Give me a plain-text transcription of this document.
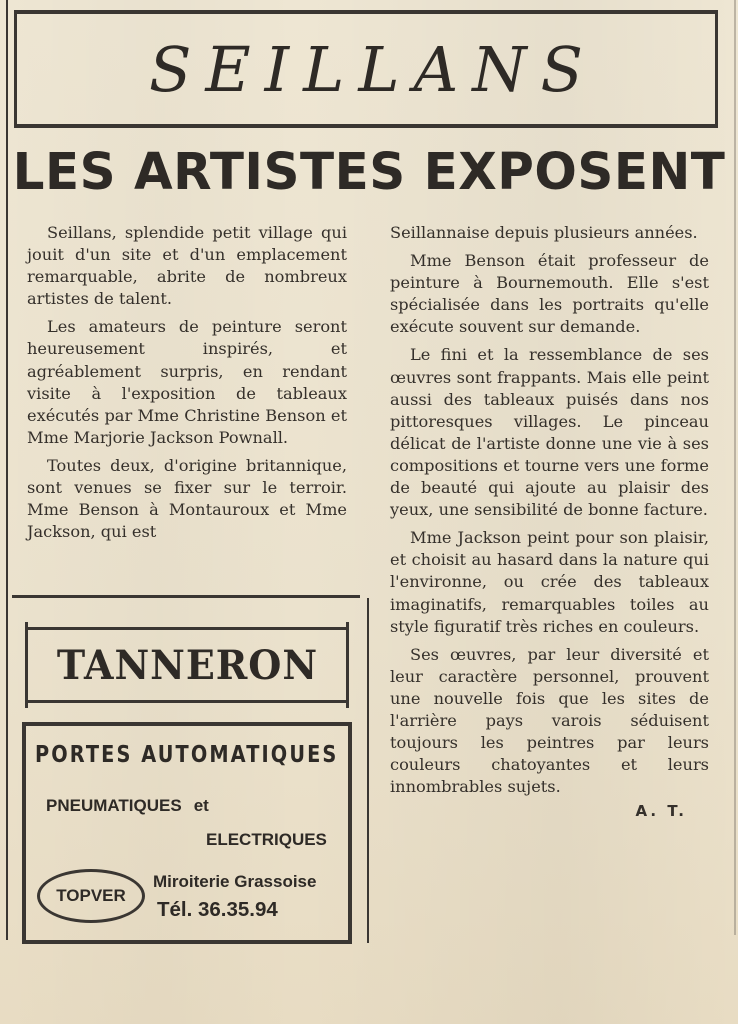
SEILLANS
LES ARTISTES EXPOSENT

Seillans, splendide petit village qui jouit d'un site et d'un emplacement remarquable, abrite de nombreux artistes de talent.

Les amateurs de peinture seront heureusement inspirés, et agréablement surpris, en rendant visite à l'exposition de tableaux exécutés par Mme Christine Benson et Mme Marjorie Jackson Pownall.

Toutes deux, d'origine britannique, sont venues se fixer sur le terroir. Mme Benson à Montauroux et Mme Jackson, qui est

Seillannaise depuis plusieurs années.

Mme Benson était professeur de peinture à Bournemouth. Elle s'est spécialisée dans les portraits qu'elle exécute souvent sur demande.

Le fini et la ressemblance de ses œuvres sont frappants. Mais elle peint aussi des tableaux puisés dans nos pittoresques villages. Le pinceau délicat de l'artiste donne une vie à ses compositions et tourne vers une forme de beauté qui ajoute au plaisir des yeux, une sensibilité de bonne facture.

Mme Jackson peint pour son plaisir, et choisit au hasard dans la nature qui l'environne, ou crée des tableaux imaginatifs, remarquables toiles au style figuratif très riches en couleurs.

Ses œuvres, par leur diversité et leur caractère personnel, prouvent une nouvelle fois que les sites de l'arrière pays varois séduisent toujours les peintres par leurs couleurs chatoyantes et leurs innombrables sujets.

A. T.
TANNERON
PORTES AUTOMATIQUES
PNEUMATIQUES et
ELECTRIQUES
TOPVER
Miroiterie Grassoise
Tél. 36.35.94
